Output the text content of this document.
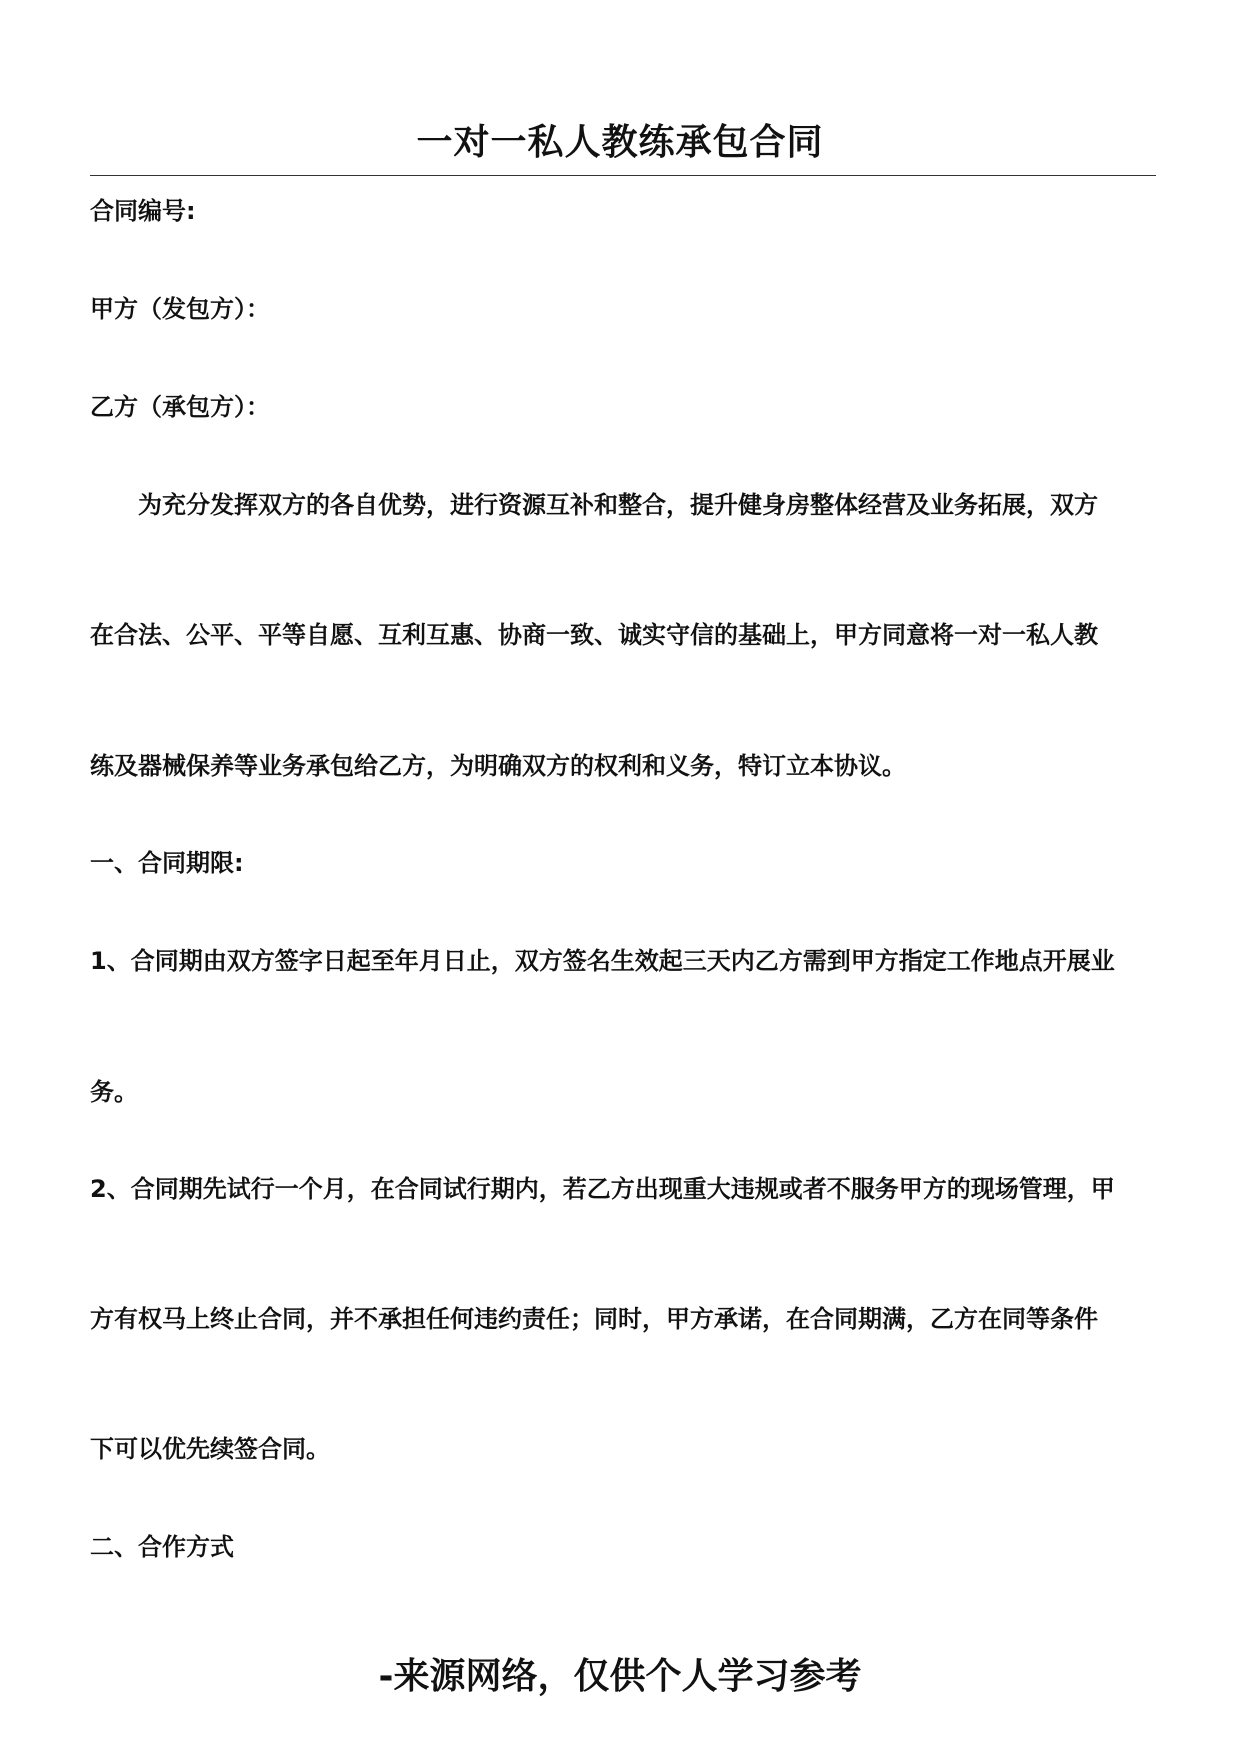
一对一私人教练承包合同
合同编号:
甲方（发包方）：
乙方（承包方）：
为充分发挥双方的各自优势，进行资源互补和整合，提升健身房整体经营及业务拓展，双方
在合法、公平、平等自愿、互利互惠、协商一致、诚实守信的基础上，甲方同意将一对一私人教
练及器械保养等业务承包给乙方，为明确双方的权利和义务，特订立本协议。
一、合同期限:
1、合同期由双方签字日起至年月日止，双方签名生效起三天内乙方需到甲方指定工作地点开展业
务。
2、合同期先试行一个月，在合同试行期内，若乙方出现重大违规或者不服务甲方的现场管理，甲
方有权马上终止合同，并不承担任何违约责任；同时，甲方承诺，在合同期满，乙方在同等条件
下可以优先续签合同。
二、合作方式
-来源网络，仅供个人学习参考
